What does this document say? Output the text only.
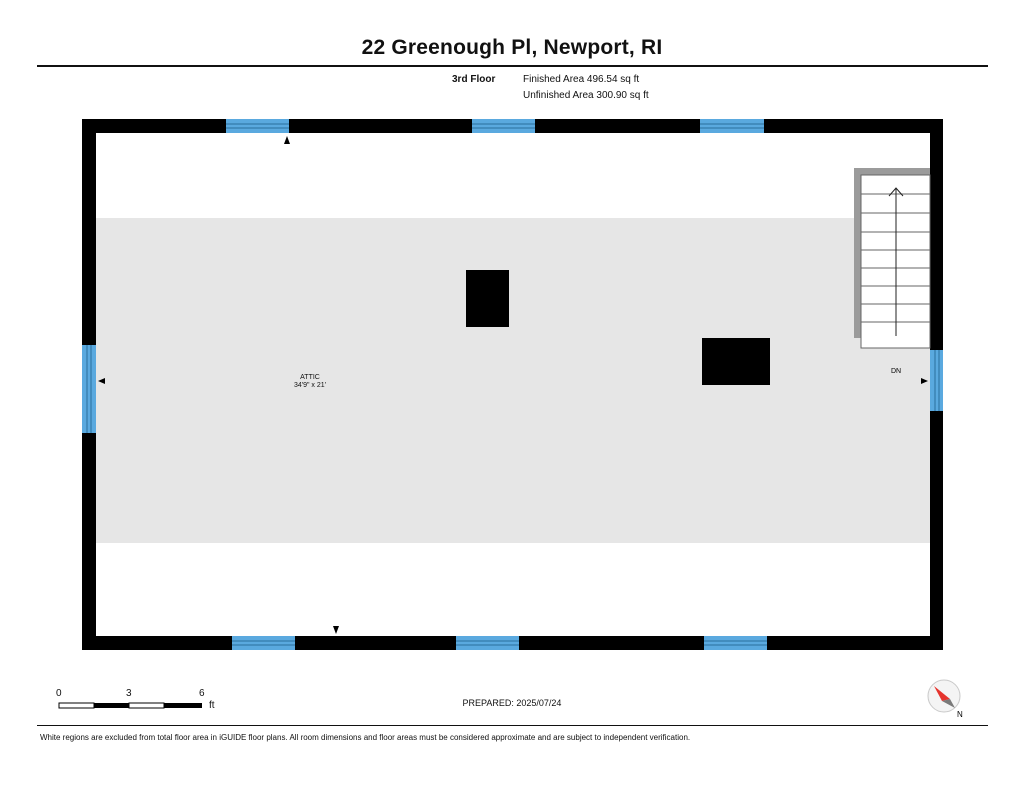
22 Greenough Pl, Newport, RI
3rd Floor	Finished Area 496.54 sq ft
Unfinished Area 300.90 sq ft
DN
N
ATTIC
34'9" x 21'
0	3	6
ft	PREPARED: 2025/07/24
White regions are excluded from total floor area in iGUIDE floor plans. All room dimensions and floor areas must be considered approximate and are subject to independent verification.
